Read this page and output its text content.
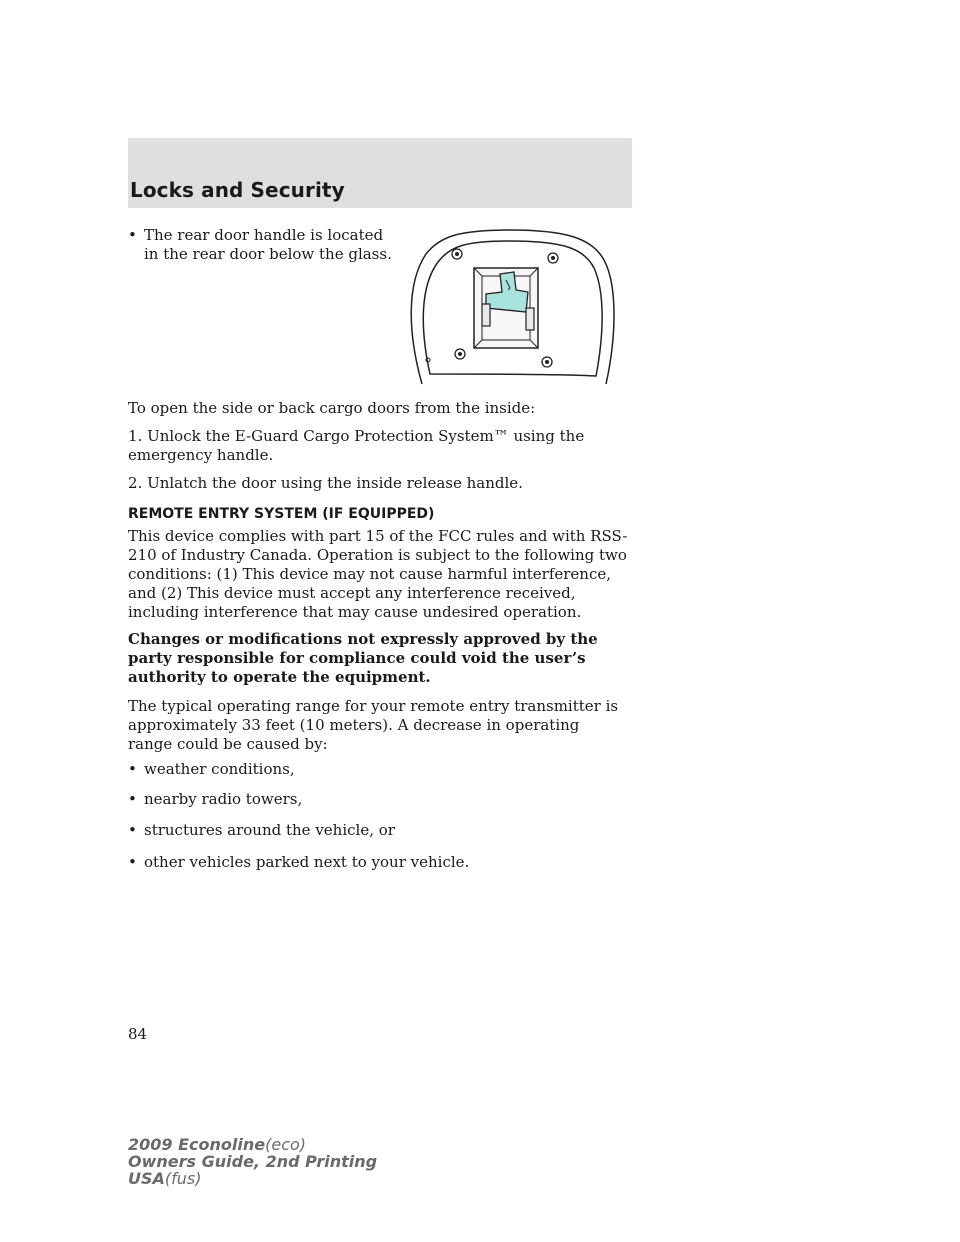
Locks and Security
• The rear door handle is located in the rear door below the glass.

To open the side or back cargo doors from the inside:

1. Unlock the E-Guard Cargo Protection System™ using the emergency handle.

2. Unlatch the door using the inside release handle.

REMOTE ENTRY SYSTEM (IF EQUIPPED)

This device complies with part 15 of the FCC rules and with RSS-210 of Industry Canada. Operation is subject to the following two conditions: (1) This device may not cause harmful interference, and (2) This device must accept any interference received, including interference that may cause undesired operation.

Changes or modifications not expressly approved by the party responsible for compliance could void the user’s authority to operate the equipment.

The typical operating range for your remote entry transmitter is approximately 33 feet (10 meters). A decrease in operating range could be caused by:

• weather conditions,
• nearby radio towers,
• structures around the vehicle, or
• other vehicles parked next to your vehicle.
84
2009 Econoline(eco)
Owners Guide, 2nd Printing
USA(fus)
